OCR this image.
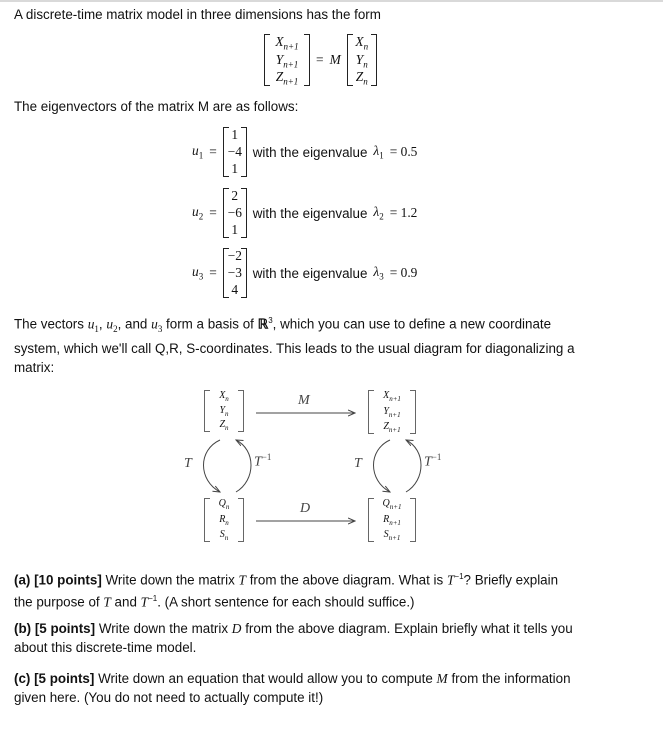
A discrete-time matrix model in three dimensions has the form
$X_{n+1}$
$Y_{n+1}$
$Z_{n+1}$
= M
$X_n$
$Y_n$
$Z_n$
The eigenvectors of the matrix M are as follows:
$u_1$ =
1
−4
1
with the eigenvalue $\lambda_1 = 0.5$
$u_2$ =
2
−6
1
with the eigenvalue $\lambda_2 = 1.2$
$u_3$ =
−2
−3
4
with the eigenvalue $\lambda_3 = 0.9$
The vectors $u_1$, $u_2$, and $u_3$ form a basis of ℝ$^3$, which you can use to define a new coordinate
system, which we'll call Q,R, S-coordinates. This leads to the usual diagram for diagonalizing a
matrix:
$X_n$
$Y_n$
$Z_n$
$X_{n+1}$
$Y_{n+1}$
$Z_{n+1}$
$Q_n$
$R_n$
$S_n$
$Q_{n+1}$
$R_{n+1}$
$S_{n+1}$
M
D
T	$T^{-1}$	T	$T^{-1}$
(a) [10 points] Write down the matrix T from the above diagram. What is $T^{-1}$? Briefly explain
the purpose of T and $T^{-1}$. (A short sentence for each should suffice.)
(b) [5 points] Write down the matrix D from the above diagram. Explain briefly what it tells you
about this discrete-time model.
(c) [5 points] Write down an equation that would allow you to compute M from the information
given here. (You do not need to actually compute it!)
